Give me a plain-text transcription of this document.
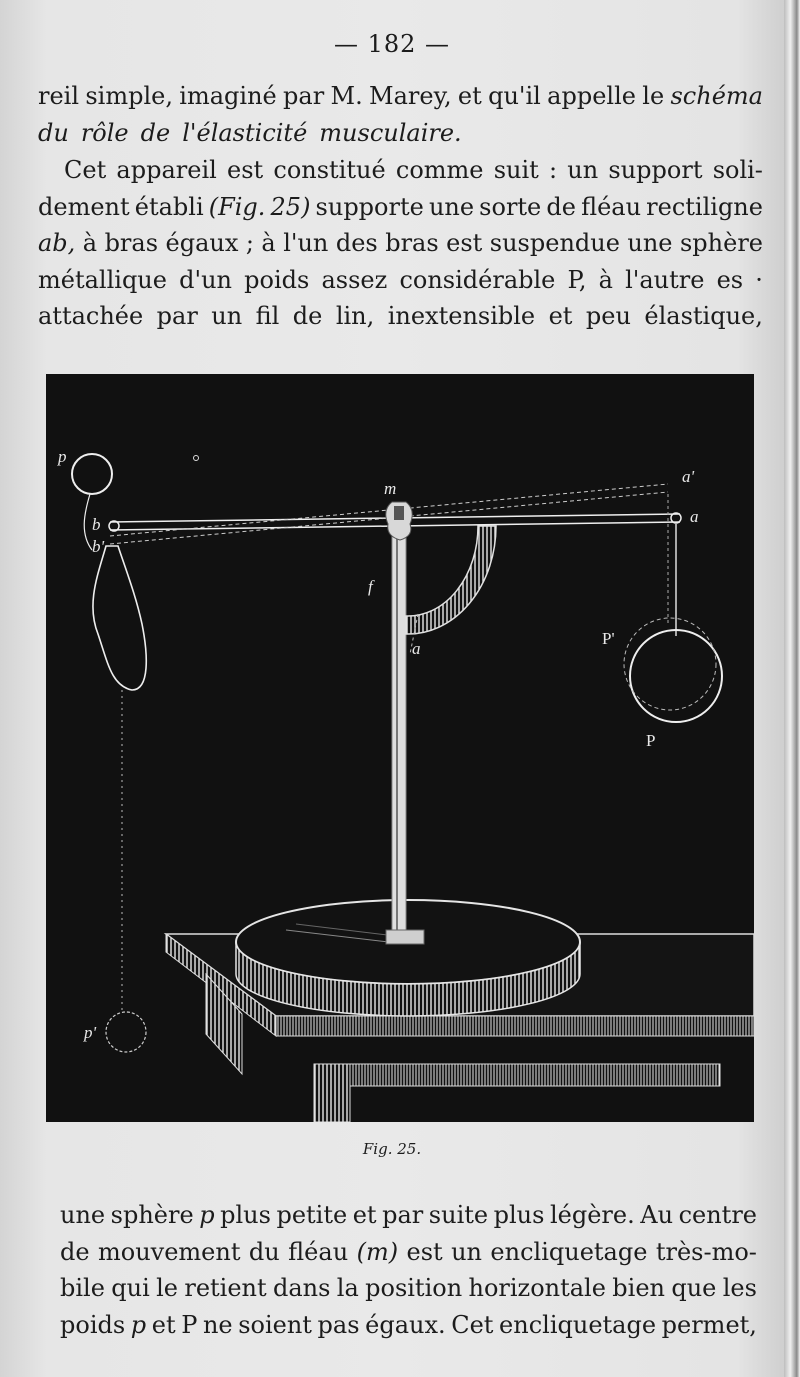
— 182 —
reil simple, imaginé par M. Marey, et qu'il appelle le schéma
du rôle de l'élasticité musculaire.
Cet appareil est constitué comme suit : un support soli-
dement établi (Fig. 25) supporte une sorte de fléau rectiligne
ab, à bras égaux ; à l'un des bras est suspendue une sphère
métallique d'un poids assez considérable P, à l'autre es ·
attachée par un fil de lin, inextensible et peu élastique,
p
b
b'
m
a'
a
f
a
P'
P
p'
Fig. 25.
une sphère p plus petite et par suite plus légère. Au centre
de mouvement du fléau (m) est un encliquetage très-mo-
bile qui le retient dans la position horizontale bien que les
poids p et P ne soient pas égaux. Cet encliquetage permet,
